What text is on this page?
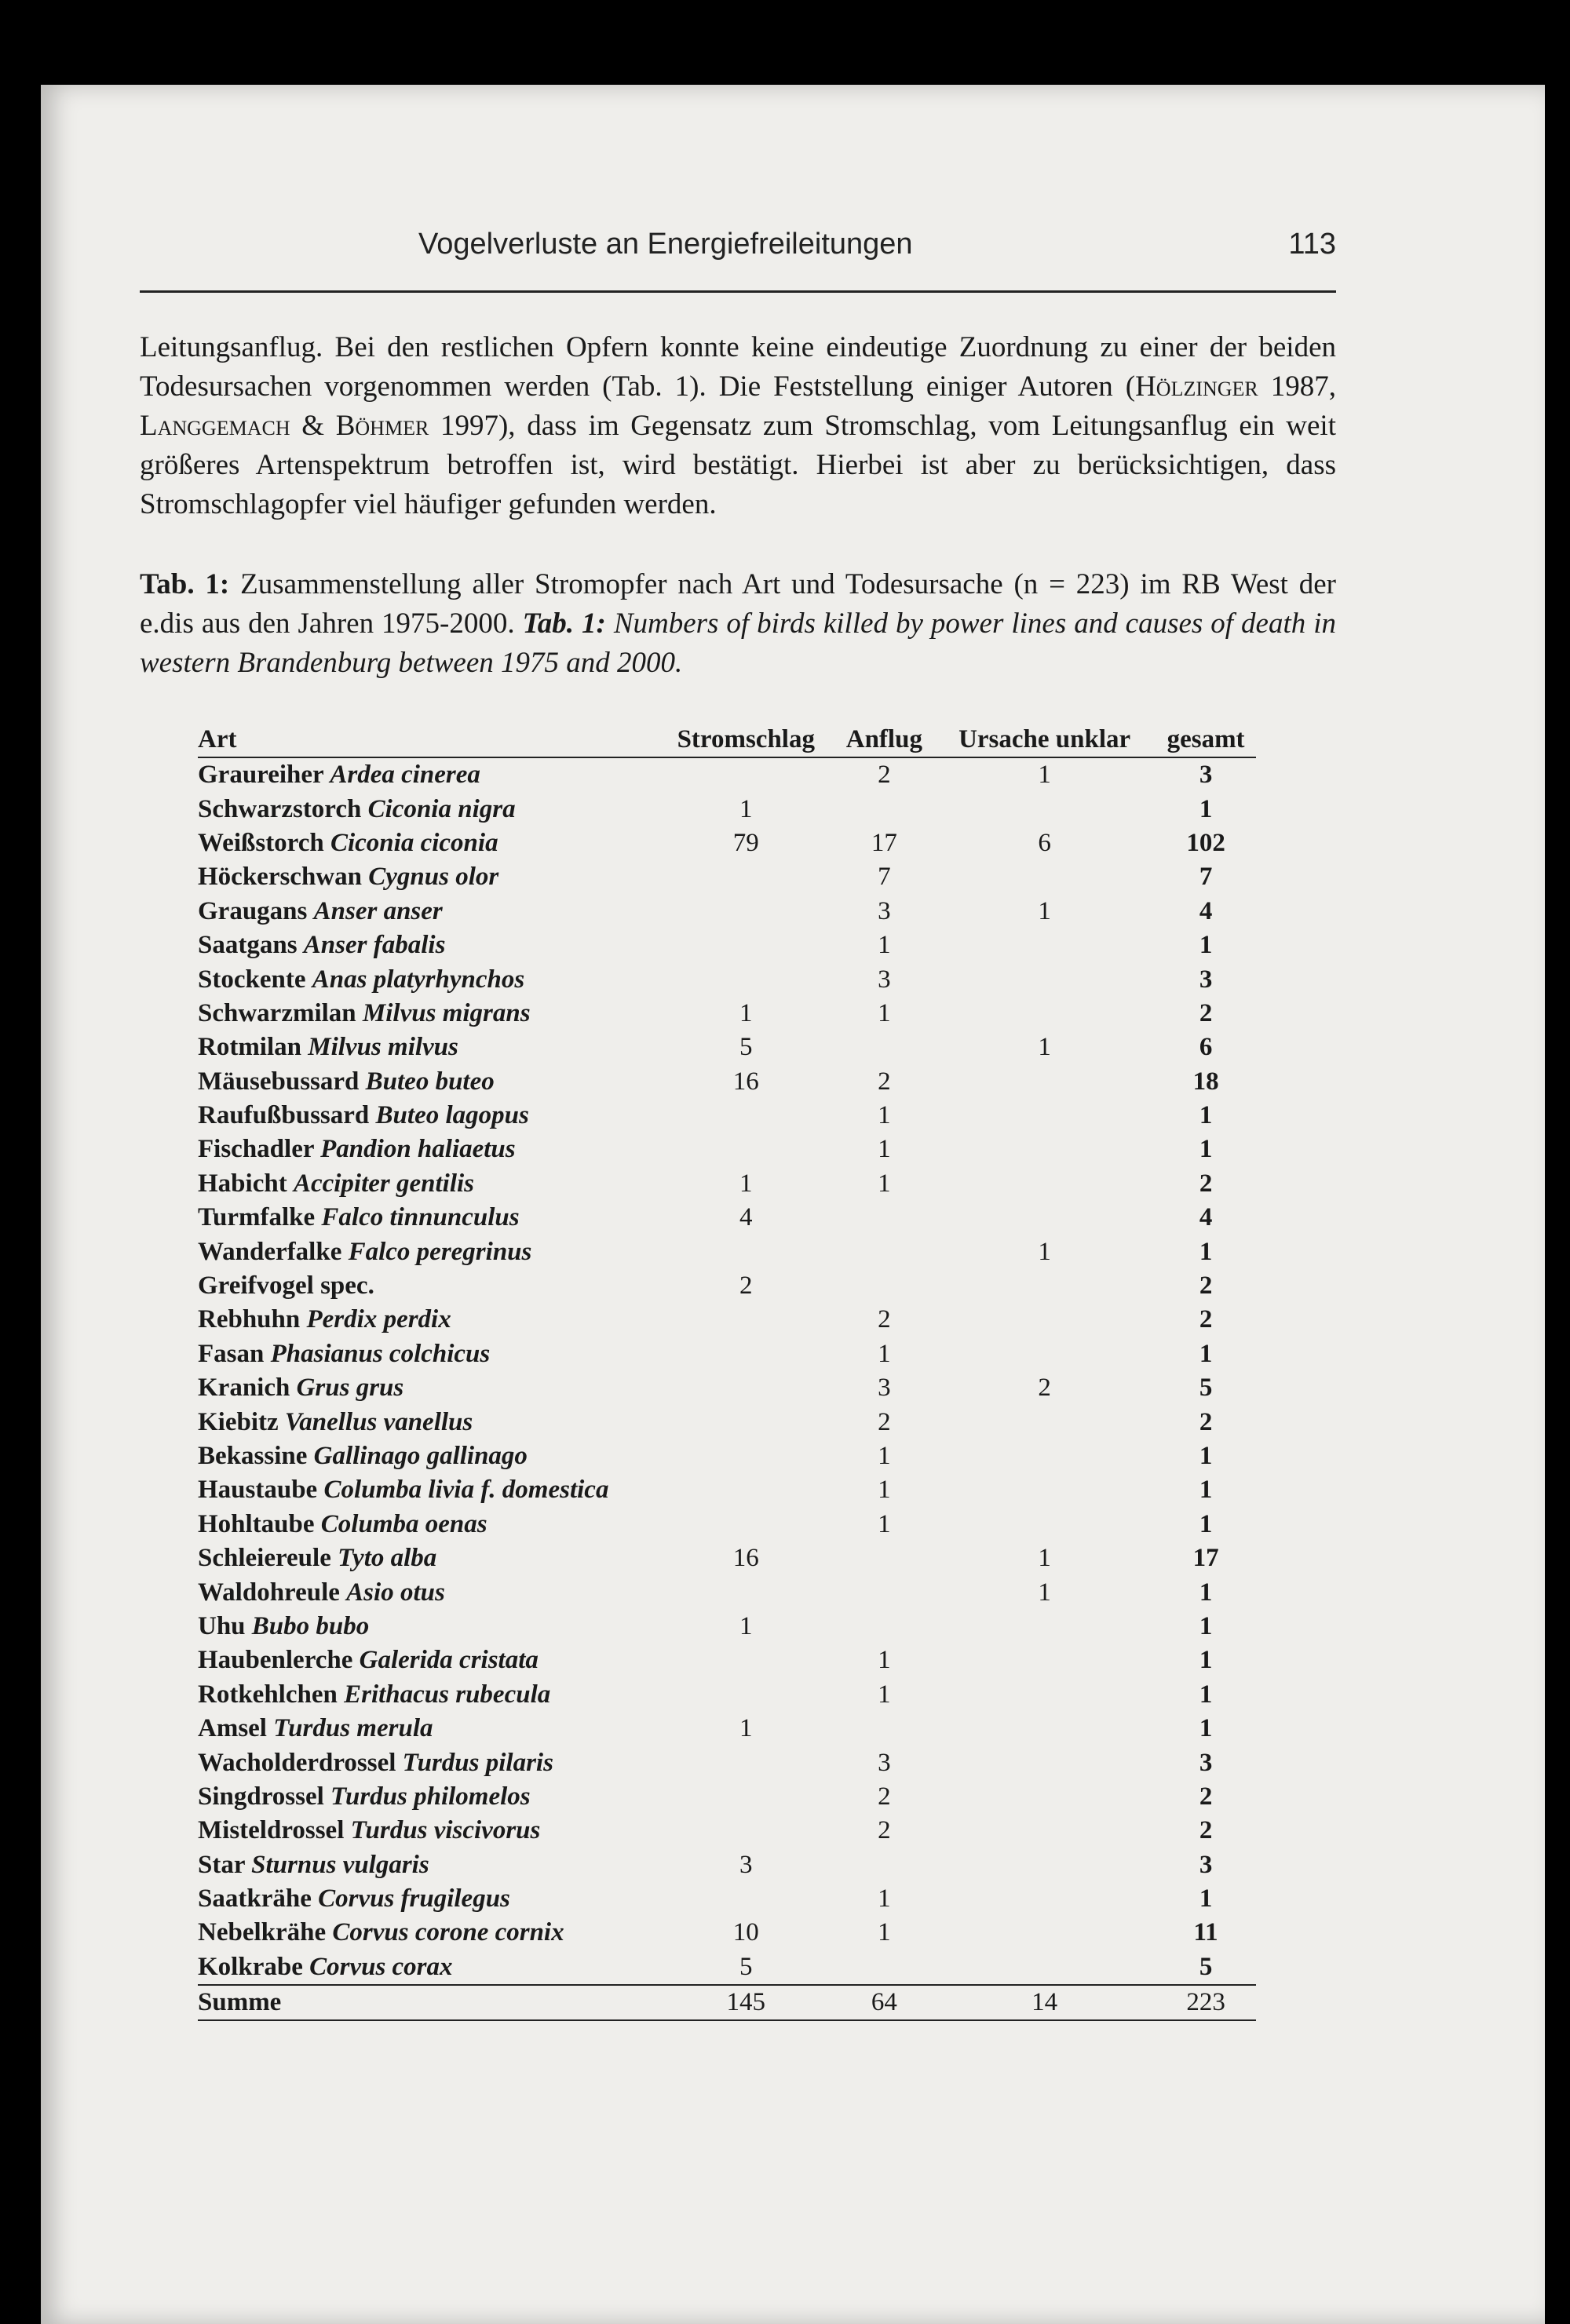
Vogelverluste an Energiefreileitungen	113

Leitungsanflug. Bei den restlichen Opfern konnte keine eindeutige Zuordnung zu einer der beiden Todesursachen vorgenommen werden (Tab. 1). Die Feststellung einiger Autoren (Hölzinger 1987, Langgemach & Böhmer 1997), dass im Gegensatz zum Stromschlag, vom Leitungsanflug ein weit größeres Artenspektrum betroffen ist, wird bestätigt. Hierbei ist aber zu berücksichtigen, dass Stromschlagopfer viel häufiger gefunden werden.

Tab. 1: Zusammenstellung aller Stromopfer nach Art und Todesursache (n = 223) im RB West der e.dis aus den Jahren 1975-2000. Tab. 1: Numbers of birds killed by power lines and causes of death in western Brandenburg between 1975 and 2000.

Art	Stromschlag	Anflug	Ursache unklar	gesamt
Graureiher Ardea cinerea		2	1	3
Schwarzstorch Ciconia nigra	1			1
Weißstorch Ciconia ciconia	79	17	6	102
Höckerschwan Cygnus olor		7		7
Graugans Anser anser		3	1	4
Saatgans Anser fabalis		1		1
Stockente Anas platyrhynchos		3		3
Schwarzmilan Milvus migrans	1	1		2
Rotmilan Milvus milvus	5		1	6
Mäusebussard Buteo buteo	16	2		18
Raufußbussard Buteo lagopus		1		1
Fischadler Pandion haliaetus		1		1
Habicht Accipiter gentilis	1	1		2
Turmfalke Falco tinnunculus	4			4
Wanderfalke Falco peregrinus			1	1
Greifvogel spec.	2			2
Rebhuhn Perdix perdix		2		2
Fasan Phasianus colchicus		1		1
Kranich Grus grus		3	2	5
Kiebitz Vanellus vanellus		2		2
Bekassine Gallinago gallinago		1		1
Haustaube Columba livia f. domestica		1		1
Hohltaube Columba oenas		1		1
Schleiereule Tyto alba	16		1	17
Waldohreule Asio otus			1	1
Uhu Bubo bubo	1			1
Haubenlerche Galerida cristata		1		1
Rotkehlchen Erithacus rubecula		1		1
Amsel Turdus merula	1			1
Wacholderdrossel Turdus pilaris		3		3
Singdrossel Turdus philomelos		2		2
Misteldrossel Turdus viscivorus		2		2
Star Sturnus vulgaris	3			3
Saatkrähe Corvus frugilegus		1		1
Nebelkrähe Corvus corone cornix	10	1		11
Kolkrabe Corvus corax	5			5
Summe	145	64	14	223
